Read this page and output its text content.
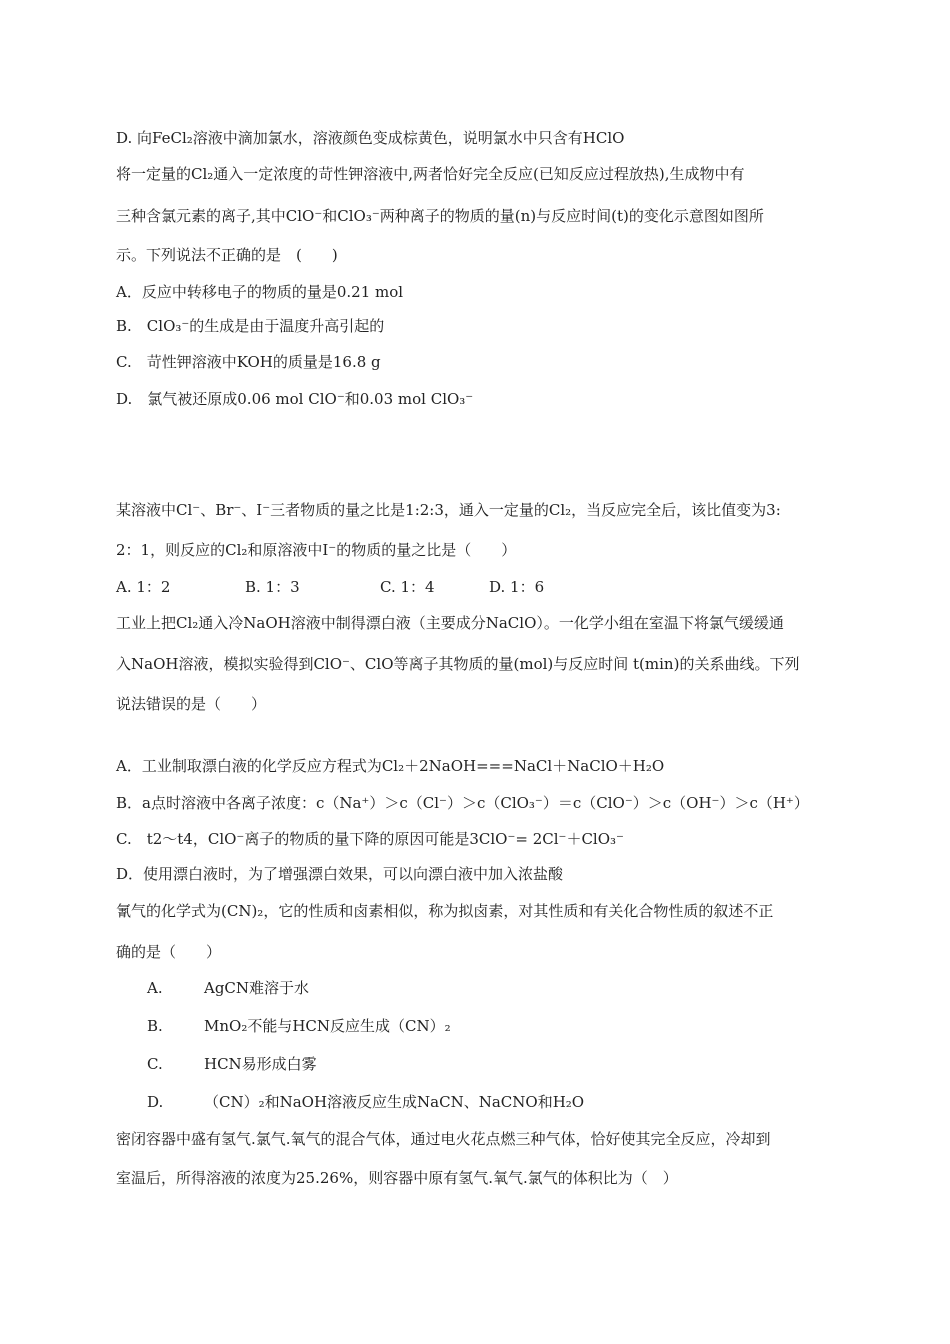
D. 向FeCl₂溶液中滴加氯水，溶液颜色变成棕黄色，说明氯水中只含有HClO
将一定量的Cl₂通入一定浓度的苛性钾溶液中,两者恰好完全反应(已知反应过程放热),生成物中有
三种含氯元素的离子,其中ClO⁻和ClO₃⁻两种离子的物质的量(n)与反应时间(t)的变化示意图如图所
示。下列说法不正确的是　(　　)
A．反应中转移电子的物质的量是0.21 mol
B.　ClO₃⁻的生成是由于温度升高引起的
C.　苛性钾溶液中KOH的质量是16.8 g
D.　氯气被还原成0.06 mol ClO⁻和0.03 mol ClO₃⁻
某溶液中Cl⁻、Br⁻、I⁻三者物质的量之比是1:2:3，通入一定量的Cl₂，当反应完全后，该比值变为3:
2：1，则反应的Cl₂和原溶液中I⁻的物质的量之比是（　　）
A. 1：2	B. 1：3	C. 1：4	D. 1：6
工业上把Cl₂通入冷NaOH溶液中制得漂白液（主要成分NaClO）。一化学小组在室温下将氯气缓缓通
入NaOH溶液，模拟实验得到ClO⁻、ClO等离子其物质的量(mol)与反应时间 t(min)的关系曲线。下列
说法错误的是（　　）
A．工业制取漂白液的化学反应方程式为Cl₂＋2NaOH===NaCl＋NaClO＋H₂O
B．a点时溶液中各离子浓度：c（Na⁺）＞c（Cl⁻）＞c（ClO₃⁻）＝c（ClO⁻）＞c（OH⁻）＞c（H⁺）
C.　t2～t4，ClO⁻离子的物质的量下降的原因可能是3ClO⁻= 2Cl⁻＋ClO₃⁻
D．使用漂白液时，为了增强漂白效果，可以向漂白液中加入浓盐酸
氰气的化学式为(CN)₂，它的性质和卤素相似，称为拟卤素，对其性质和有关化合物性质的叙述不正
确的是（　　）
A.	AgCN难溶于水
B.	MnO₂不能与HCN反应生成（CN）₂
C.	HCN易形成白雾
D.	（CN）₂和NaOH溶液反应生成NaCN、NaCNO和H₂O
密闭容器中盛有氢气.氯气.氧气的混合气体，通过电火花点燃三种气体，恰好使其完全反应，冷却到
室温后，所得溶液的浓度为25.26%，则容器中原有氢气.氧气.氯气的体积比为（　）
